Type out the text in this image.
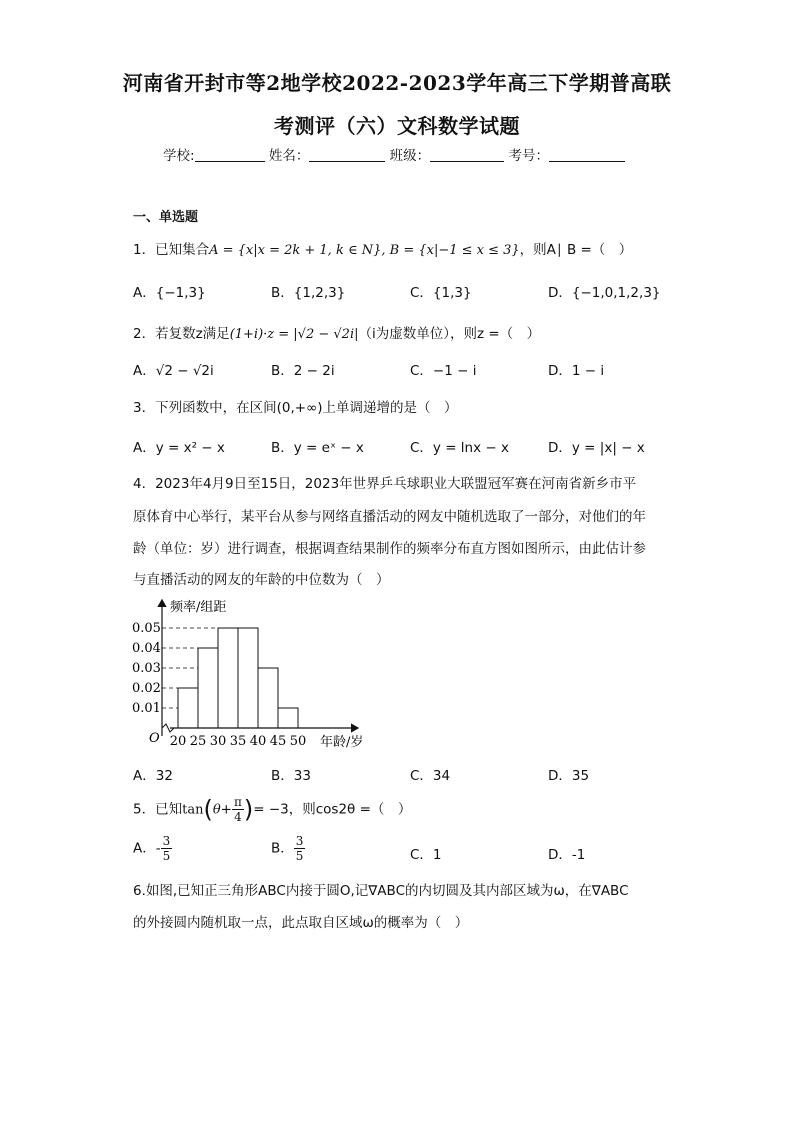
河南省开封市等2地学校2022-2023学年高三下学期普高联
考测评（六）文科数学试题
学校:	姓名：	班级：	考号：
一、单选题
1．已知集合A = {x|x = 2k + 1, k ∈ N}, B = {x|−1 ≤ x ≤ 3}，则A∣ B =（　）
A．{−1,3}	B．{1,2,3}	C．{1,3}	D．{−1,0,1,2,3}
2．若复数z满足(1+i)·z = |√2 − √2i|（i为虚数单位），则z =（　）
A．√2 − √2i	B．2 − 2i	C．−1 − i	D．1 − i
3．下列函数中，在区间(0,+∞)上单调递增的是（　）
A．y = x² − x	B．y = eˣ − x	C．y = lnx − x	D．y = |x| − x
4．2023年4月9日至15日，2023年世界乒乓球职业大联盟冠军赛在河南省新乡市平
原体育中心举行，某平台从参与网络直播活动的网友中随机选取了一部分，对他们的年
龄（单位：岁）进行调查，根据调查结果制作的频率分布直方图如图所示，由此估计参
与直播活动的网友的年龄的中位数为（　）
频率/组距
年龄/岁
O
0.01
0.02
0.03
0.04
0.05
20 25 30 35 40 45 50
A．32	B．33	C．34	D．35
5．已知$\tan(\theta+ \frac{\pi}{4}$ )= −3，则cos2θ =（　）
A．- $\frac{3}{5}$	B． $\frac{3}{5}$	C．1	D．-1
6.如图,已知正三角形ABC内接于圆O,记∇ABC的内切圆及其内部区域为ω，在∇ABC
的外接圆内随机取一点，此点取自区域ω的概率为（　）
